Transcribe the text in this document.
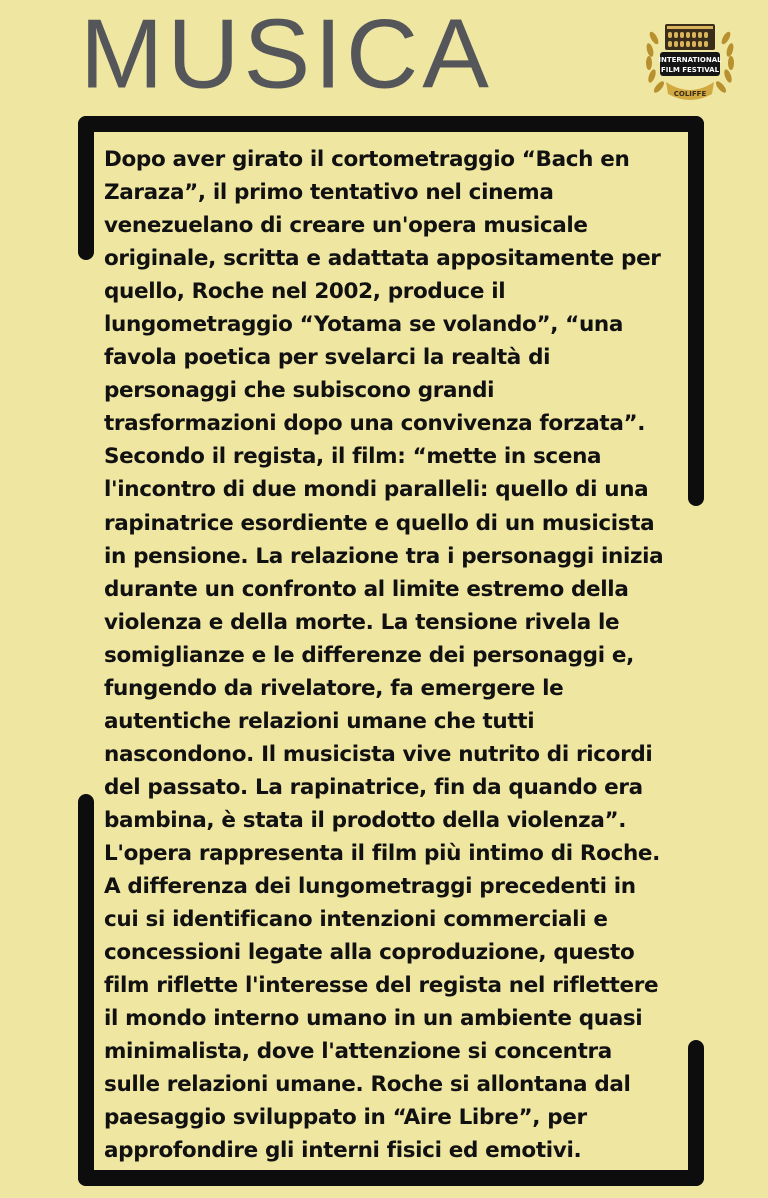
MUSICA	INTERNATIONAL
FILM FESTIVAL
COLIFFE
Dopo aver girato il cortometraggio “Bach en
Zaraza”, il primo tentativo nel cinema
venezuelano di creare un'opera musicale
originale, scritta e adattata appositamente per
quello, Roche nel 2002, produce il
lungometraggio “Yotama se volando”, “una
favola poetica per svelarci la realtà di
personaggi che subiscono grandi
trasformazioni dopo una convivenza forzata”.
Secondo il regista, il film: “mette in scena
l'incontro di due mondi paralleli: quello di una
rapinatrice esordiente e quello di un musicista
in pensione. La relazione tra i personaggi inizia
durante un confronto al limite estremo della
violenza e della morte. La tensione rivela le
somiglianze e le differenze dei personaggi e,
fungendo da rivelatore, fa emergere le
autentiche relazioni umane che tutti
nascondono. Il musicista vive nutrito di ricordi
del passato. La rapinatrice, fin da quando era
bambina, è stata il prodotto della violenza”.
L'opera rappresenta il film più intimo di Roche.
A differenza dei lungometraggi precedenti in
cui si identificano intenzioni commerciali e
concessioni legate alla coproduzione, questo
film riflette l'interesse del regista nel riflettere
il mondo interno umano in un ambiente quasi
minimalista, dove l'attenzione si concentra
sulle relazioni umane. Roche si allontana dal
paesaggio sviluppato in “Aire Libre”, per
approfondire gli interni fisici ed emotivi.
